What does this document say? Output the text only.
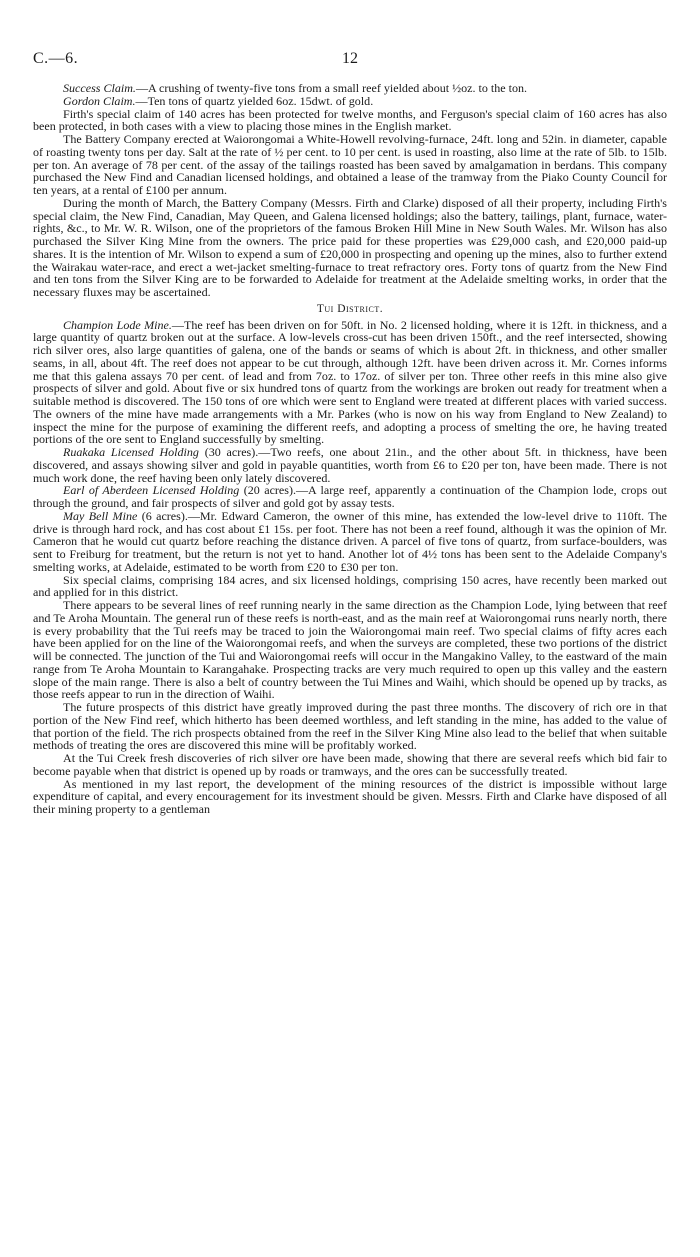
C.—6.	12

Success Claim.—A crushing of twenty-five tons from a small reef yielded about ½oz. to the ton.

Gordon Claim.—Ten tons of quartz yielded 6oz. 15dwt. of gold.

Firth's special claim of 140 acres has been protected for twelve months, and Ferguson's special claim of 160 acres has also been protected, in both cases with a view to placing those mines in the English market.

The Battery Company erected at Waiorongomai a White-Howell revolving-furnace, 24ft. long and 52in. in diameter, capable of roasting twenty tons per day. Salt at the rate of ½ per cent. to 10 per cent. is used in roasting, also lime at the rate of 5lb. to 15lb. per ton. An average of 78 per cent. of the assay of the tailings roasted has been saved by amalgamation in berdans. This company purchased the New Find and Canadian licensed holdings, and obtained a lease of the tramway from the Piako County Council for ten years, at a rental of £100 per annum.

During the month of March, the Battery Company (Messrs. Firth and Clarke) disposed of all their property, including Firth's special claim, the New Find, Canadian, May Queen, and Galena licensed holdings; also the battery, tailings, plant, furnace, water-rights, &c., to Mr. W. R. Wilson, one of the proprietors of the famous Broken Hill Mine in New South Wales. Mr. Wilson has also purchased the Silver King Mine from the owners. The price paid for these properties was £29,000 cash, and £20,000 paid-up shares. It is the intention of Mr. Wilson to expend a sum of £20,000 in prospecting and opening up the mines, also to further extend the Wairakau water-race, and erect a wet-jacket smelting-furnace to treat refractory ores. Forty tons of quartz from the New Find and ten tons from the Silver King are to be forwarded to Adelaide for treatment at the Adelaide smelting works, in order that the necessary fluxes may be ascertained.

Tui District.

Champion Lode Mine.—The reef has been driven on for 50ft. in No. 2 licensed holding, where it is 12ft. in thickness, and a large quantity of quartz broken out at the surface. A low-levels cross-cut has been driven 150ft., and the reef intersected, showing rich silver ores, also large quantities of galena, one of the bands or seams of which is about 2ft. in thickness, and other smaller seams, in all, about 4ft. The reef does not appear to be cut through, although 12ft. have been driven across it. Mr. Cornes informs me that this galena assays 70 per cent. of lead and from 7oz. to 17oz. of silver per ton. Three other reefs in this mine also give prospects of silver and gold. About five or six hundred tons of quartz from the workings are broken out ready for treatment when a suitable method is discovered. The 150 tons of ore which were sent to England were treated at different places with varied success. The owners of the mine have made arrangements with a Mr. Parkes (who is now on his way from England to New Zealand) to inspect the mine for the purpose of examining the different reefs, and adopting a process of smelting the ore, he having treated portions of the ore sent to England successfully by smelting.

Ruakaka Licensed Holding (30 acres).—Two reefs, one about 21in., and the other about 5ft. in thickness, have been discovered, and assays showing silver and gold in payable quantities, worth from £6 to £20 per ton, have been made. There is not much work done, the reef having been only lately discovered.

Earl of Aberdeen Licensed Holding (20 acres).—A large reef, apparently a continuation of the Champion lode, crops out through the ground, and fair prospects of silver and gold got by assay tests.

May Bell Mine (6 acres).—Mr. Edward Cameron, the owner of this mine, has extended the low-level drive to 110ft. The drive is through hard rock, and has cost about £1 15s. per foot. There has not been a reef found, although it was the opinion of Mr. Cameron that he would cut quartz before reaching the distance driven. A parcel of five tons of quartz, from surface-boulders, was sent to Freiburg for treatment, but the return is not yet to hand. Another lot of 4½ tons has been sent to the Adelaide Company's smelting works, at Adelaide, estimated to be worth from £20 to £30 per ton.

Six special claims, comprising 184 acres, and six licensed holdings, comprising 150 acres, have recently been marked out and applied for in this district.

There appears to be several lines of reef running nearly in the same direction as the Champion Lode, lying between that reef and Te Aroha Mountain. The general run of these reefs is north-east, and as the main reef at Waiorongomai runs nearly north, there is every probability that the Tui reefs may be traced to join the Waiorongomai main reef. Two special claims of fifty acres each have been applied for on the line of the Waiorongomai reefs, and when the surveys are completed, these two portions of the district will be connected. The junction of the Tui and Waiorongomai reefs will occur in the Mangakino Valley, to the eastward of the main range from Te Aroha Mountain to Karangahake. Prospecting tracks are very much required to open up this valley and the eastern slope of the main range. There is also a belt of country between the Tui Mines and Waihi, which should be opened up by tracks, as those reefs appear to run in the direction of Waihi.

The future prospects of this district have greatly improved during the past three months. The discovery of rich ore in that portion of the New Find reef, which hitherto has been deemed worthless, and left standing in the mine, has added to the value of that portion of the field. The rich prospects obtained from the reef in the Silver King Mine also lead to the belief that when suitable methods of treating the ores are discovered this mine will be profitably worked.

At the Tui Creek fresh discoveries of rich silver ore have been made, showing that there are several reefs which bid fair to become payable when that district is opened up by roads or tramways, and the ores can be successfully treated.

As mentioned in my last report, the development of the mining resources of the district is impossible without large expenditure of capital, and every encouragement for its investment should be given. Messrs. Firth and Clarke have disposed of all their mining property to a gentleman
